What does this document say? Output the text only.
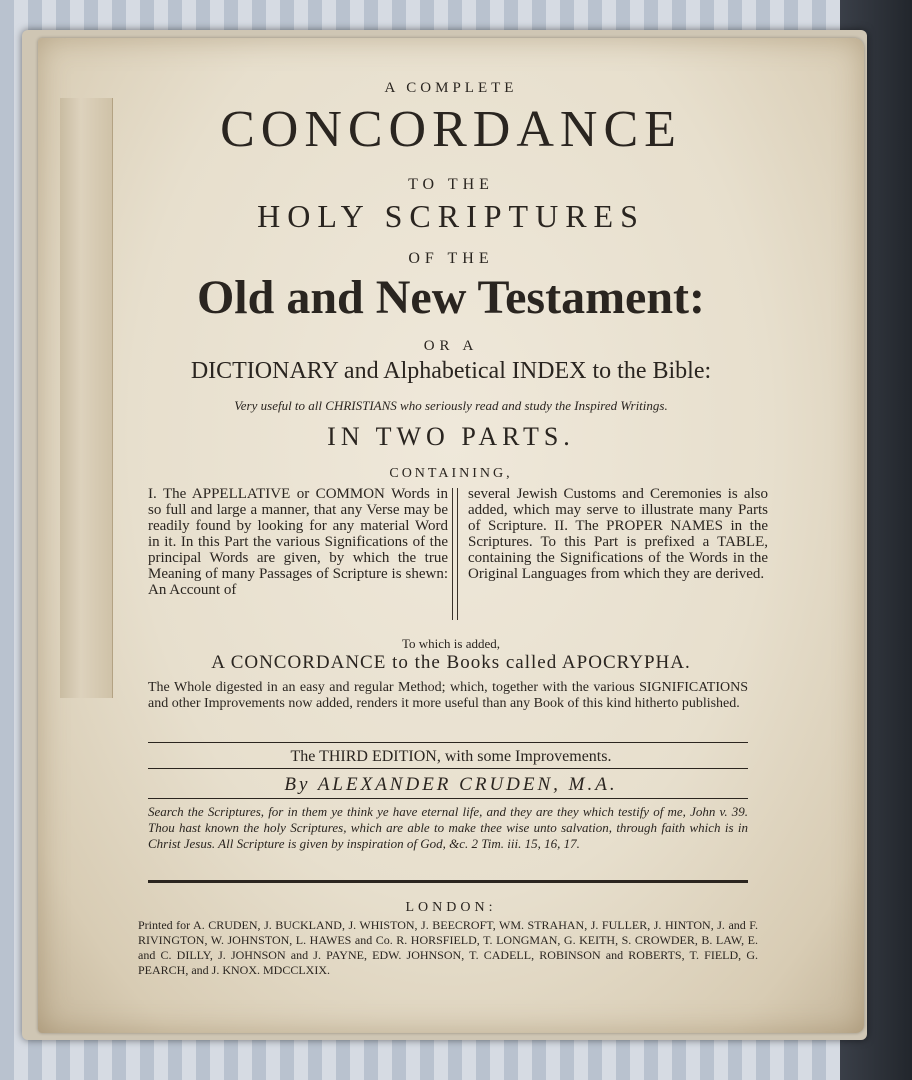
A COMPLETE
CONCORDANCE
TO THE
HOLY SCRIPTURES
OF THE
Old and New Testament:
OR A
DICTIONARY and Alphabetical INDEX to the Bible:
Very useful to all CHRISTIANS who seriously read and study the Inspired Writings.
IN TWO PARTS.
CONTAINING,

I. The APPELLATIVE or COMMON Words in so full and large a manner, that any Verse may be readily found by looking for any material Word in it. In this Part the various Significations of the principal Words are given, by which the true Meaning of many Passages of Scripture is shewn: An Account of

several Jewish Customs and Ceremonies is also added, which may serve to illustrate many Parts of Scripture. II. The PROPER NAMES in the Scriptures. To this Part is prefixed a TABLE, containing the Significations of the Words in the Original Languages from which they are derived.

To which is added,
A CONCORDANCE to the Books called APOCRYPHA.
The Whole digested in an easy and regular Method; which, together with the various SIGNIFICATIONS and other Improvements now added, renders it more useful than any Book of this kind hitherto published.
The THIRD EDITION, with some Improvements.
By ALEXANDER CRUDEN, M.A.
Search the Scriptures, for in them ye think ye have eternal life, and they are they which testify of me, John v. 39. Thou hast known the holy Scriptures, which are able to make thee wise unto salvation, through faith which is in Christ Jesus. All Scripture is given by inspiration of God, &c. 2 Tim. iii. 15, 16, 17.
LONDON:
Printed for A. CRUDEN, J. BUCKLAND, J. WHISTON, J. BEECROFT, WM. STRAHAN, J. FULLER, J. HINTON, J. and F. RIVINGTON, W. JOHNSTON, L. HAWES and Co. R. HORSFIELD, T. LONGMAN, G. KEITH, S. CROWDER, B. LAW, E. and C. DILLY, J. JOHNSON and J. PAYNE, EDW. JOHNSON, T. CADELL, ROBINSON and ROBERTS, T. FIELD, G. PEARCH, and J. KNOX. MDCCLXIX.
